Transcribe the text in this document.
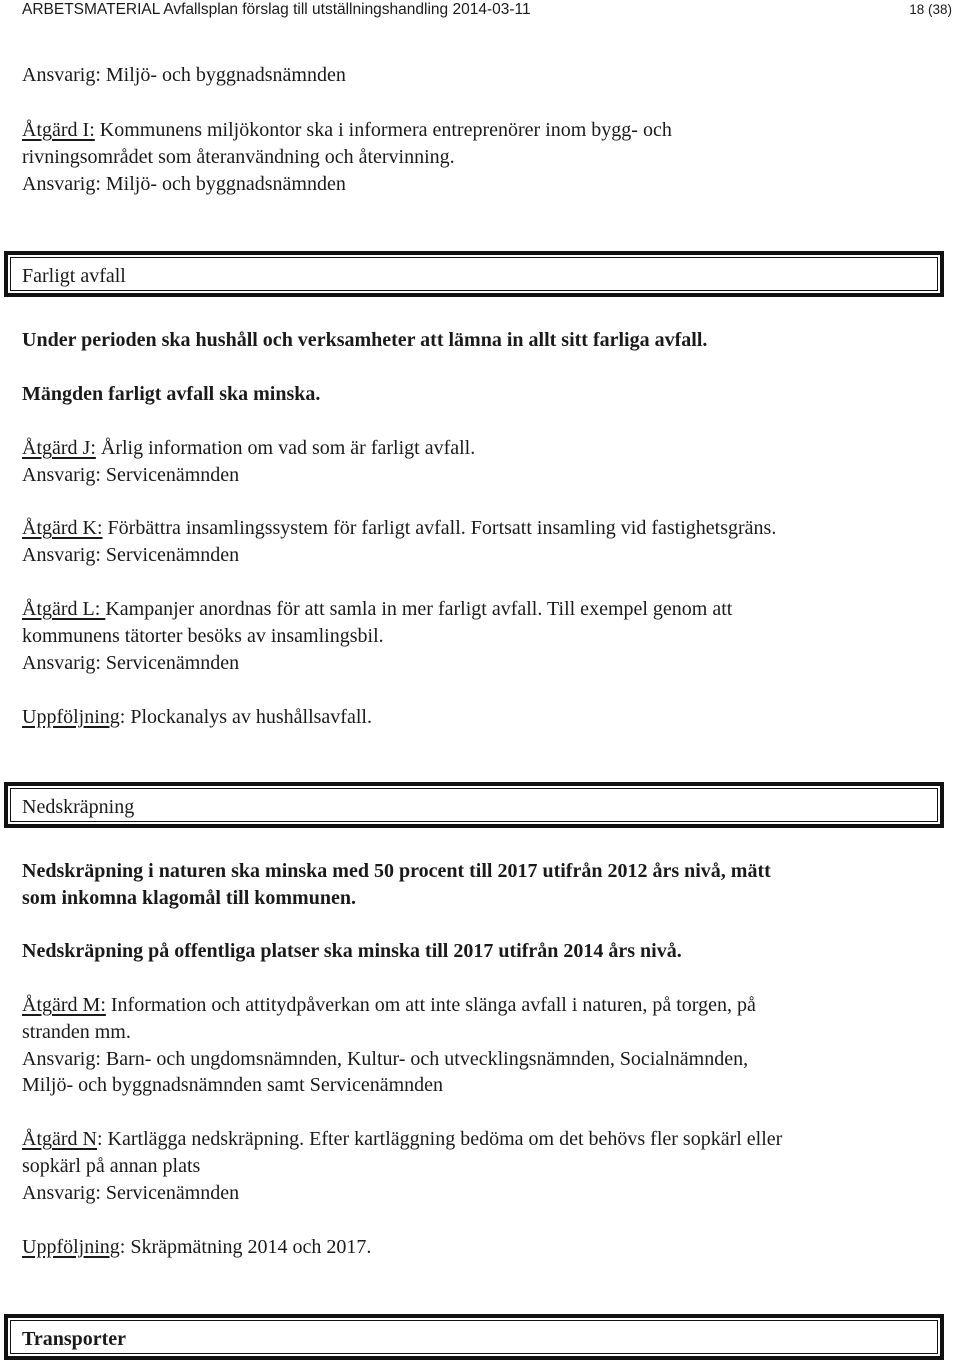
ARBETSMATERIAL Avfallsplan förslag till utställningshandling 2014-03-11	18 (38)

Ansvarig: Miljö- och byggnadsnämnden

Åtgärd I: Kommunens miljökontor ska i informera entreprenörer inom bygg- och

rivningsområdet som återanvändning och återvinning.

Ansvarig: Miljö- och byggnadsnämnden

Farligt avfall

Under perioden ska hushåll och verksamheter att lämna in allt sitt farliga avfall.

Mängden farligt avfall ska minska.

Åtgärd J: Årlig information om vad som är farligt avfall.

Ansvarig: Servicenämnden

Åtgärd K: Förbättra insamlingssystem för farligt avfall. Fortsatt insamling vid fastighetsgräns.

Ansvarig: Servicenämnden

Åtgärd L: Kampanjer anordnas för att samla in mer farligt avfall. Till exempel genom att

kommunens tätorter besöks av insamlingsbil.

Ansvarig: Servicenämnden

Uppföljning: Plockanalys av hushållsavfall.

Nedskräpning

Nedskräpning i naturen ska minska med 50 procent till 2017 utifrån 2012 års nivå, mätt

som inkomna klagomål till kommunen.

Nedskräpning på offentliga platser ska minska till 2017 utifrån 2014 års nivå.

Åtgärd M: Information och attitydpåverkan om att inte slänga avfall i naturen, på torgen, på

stranden mm.

Ansvarig: Barn- och ungdomsnämnden, Kultur- och utvecklingsnämnden, Socialnämnden,

Miljö- och byggnadsnämnden samt Servicenämnden

Åtgärd N: Kartlägga nedskräpning. Efter kartläggning bedöma om det behövs fler sopkärl eller

sopkärl på annan plats

Ansvarig: Servicenämnden

Uppföljning: Skräpmätning 2014 och 2017.

Transporter
